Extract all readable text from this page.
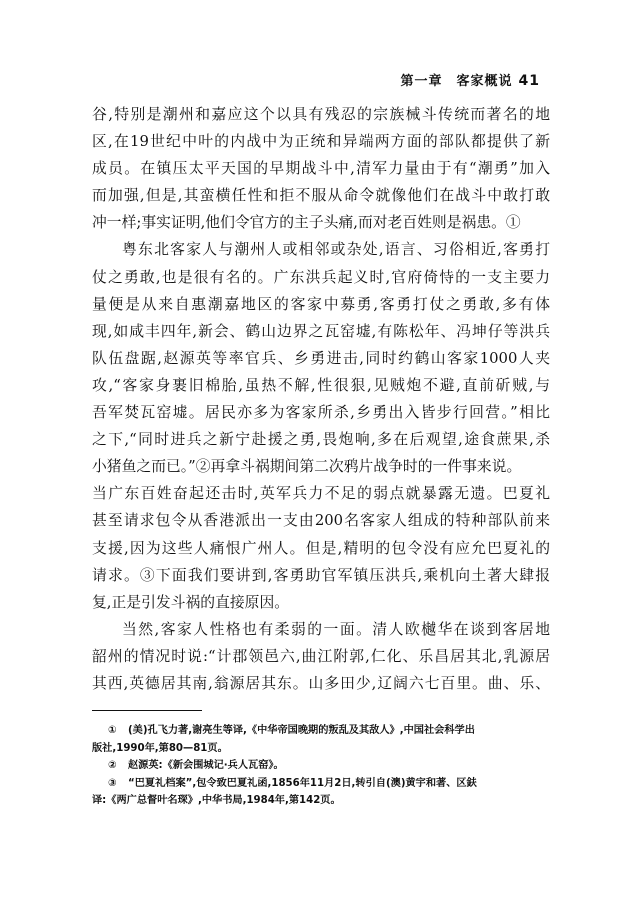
第一章　客家概说 41
谷,特别是潮州和嘉应这个以具有残忍的宗族械斗传统而著名的地
区,在19世纪中叶的内战中为正统和异端两方面的部队都提供了新
成员。在镇压太平天国的早期战斗中,清军力量由于有“潮勇”加入
而加强,但是,其蛮横任性和拒不服从命令就像他们在战斗中敢打敢
冲一样;事实证明,他们令官方的主子头痛,而对老百姓则是祸患。①
粤东北客家人与潮州人或相邻或杂处,语言、习俗相近,客勇打
仗之勇敢,也是很有名的。广东洪兵起义时,官府倚恃的一支主要力
量便是从来自惠潮嘉地区的客家中募勇,客勇打仗之勇敢,多有体
现,如咸丰四年,新会、鹤山边界之瓦窑墟,有陈松年、冯坤仔等洪兵
队伍盘踞,赵源英等率官兵、乡勇进击,同时约鹤山客家1000人夹
攻,“客家身裹旧棉胎,虽热不解,性很狠,见贼炮不避,直前斫贼,与
吾军焚瓦窑墟。居民亦多为客家所杀,乡勇出入皆步行回营。”相比
之下,“同时进兵之新宁赴援之勇,畏炮响,多在后观望,途食蔗果,杀
小猪鱼之而已。”②再拿斗祸期间第二次鸦片战争时的一件事来说。
当广东百姓奋起还击时,英军兵力不足的弱点就暴露无遗。巴夏礼
甚至请求包令从香港派出一支由200名客家人组成的特种部队前来
支援,因为这些人痛恨广州人。但是,精明的包令没有应允巴夏礼的
请求。③下面我们要讲到,客勇助官军镇压洪兵,乘机向土著大肆报
复,正是引发斗祸的直接原因。
当然,客家人性格也有柔弱的一面。清人欧樾华在谈到客居地
韶州的情况时说:“计郡领邑六,曲江附郭,仁化、乐昌居其北,乳源居
其西,英德居其南,翁源居其东。山多田少,辽阔六七百里。曲、乐、
① (美)孔飞力著,谢亮生等译,《中华帝国晚期的叛乱及其敌人》,中国社会科学出
版社,1990年,第80—81页。
② 赵源英:《新会围城记·兵人瓦窑》。
③ “巴夏礼档案”,包令致巴夏礼函,1856年11月2日,转引自(澳)黄宇和著、区鈇
译:《两广总督叶名琛》,中华书局,1984年,第142页。
